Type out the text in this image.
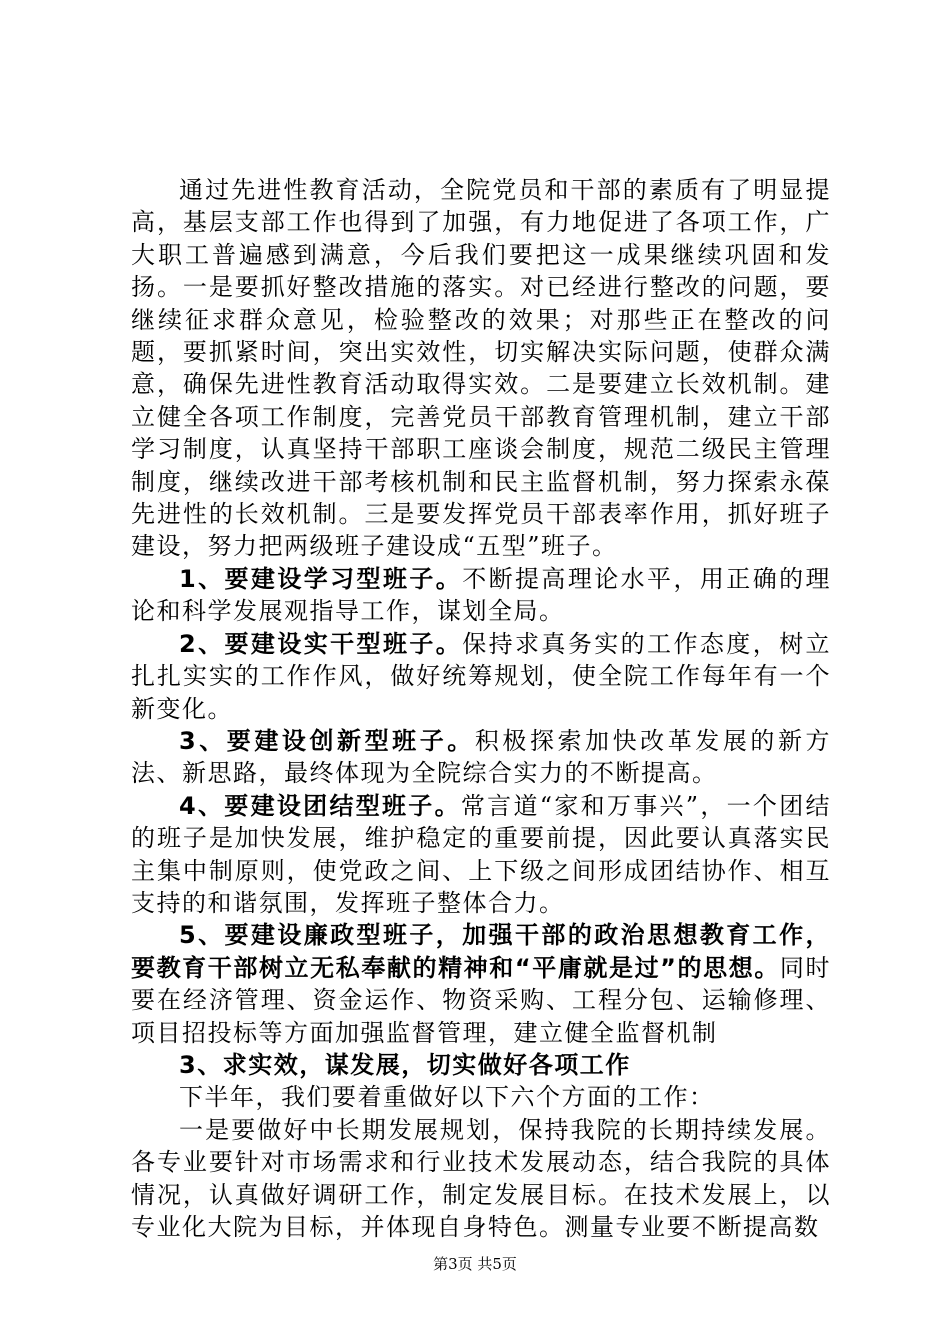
通过先进性教育活动，全院党员和干部的素质有了明显提高，基层支部工作也得到了加强，有力地促进了各项工作，广大职工普遍感到满意，今后我们要把这一成果继续巩固和发扬。一是要抓好整改措施的落实。对已经进行整改的问题，要继续征求群众意见，检验整改的效果；对那些正在整改的问题，要抓紧时间，突出实效性，切实解决实际问题，使群众满意，确保先进性教育活动取得实效。二是要建立长效机制。建立健全各项工作制度，完善党员干部教育管理机制，建立干部学习制度，认真坚持干部职工座谈会制度，规范二级民主管理制度，继续改进干部考核机制和民主监督机制，努力探索永葆先进性的长效机制。三是要发挥党员干部表率作用，抓好班子建设，努力把两级班子建设成“五型”班子。

1、要建设学习型班子。不断提高理论水平，用正确的理论和科学发展观指导工作，谋划全局。

2、要建设实干型班子。保持求真务实的工作态度，树立扎扎实实的工作作风，做好统筹规划，使全院工作每年有一个新变化。

3、要建设创新型班子。积极探索加快改革发展的新方法、新思路，最终体现为全院综合实力的不断提高。

4、要建设团结型班子。常言道“家和万事兴”，一个团结的班子是加快发展，维护稳定的重要前提，因此要认真落实民主集中制原则，使党政之间、上下级之间形成团结协作、相互支持的和谐氛围，发挥班子整体合力。

5、要建设廉政型班子，加强干部的政治思想教育工作，要教育干部树立无私奉献的精神和“平庸就是过”的思想。同时要在经济管理、资金运作、物资采购、工程分包、运输修理、项目招投标等方面加强监督管理，建立健全监督机制

3、求实效，谋发展，切实做好各项工作

下半年，我们要着重做好以下六个方面的工作：

一是要做好中长期发展规划，保持我院的长期持续发展。各专业要针对市场需求和行业技术发展动态，结合我院的具体情况，认真做好调研工作，制定发展目标。在技术发展上，以专业化大院为目标，并体现自身特色。测量专业要不断提高数

第3页 共5页
